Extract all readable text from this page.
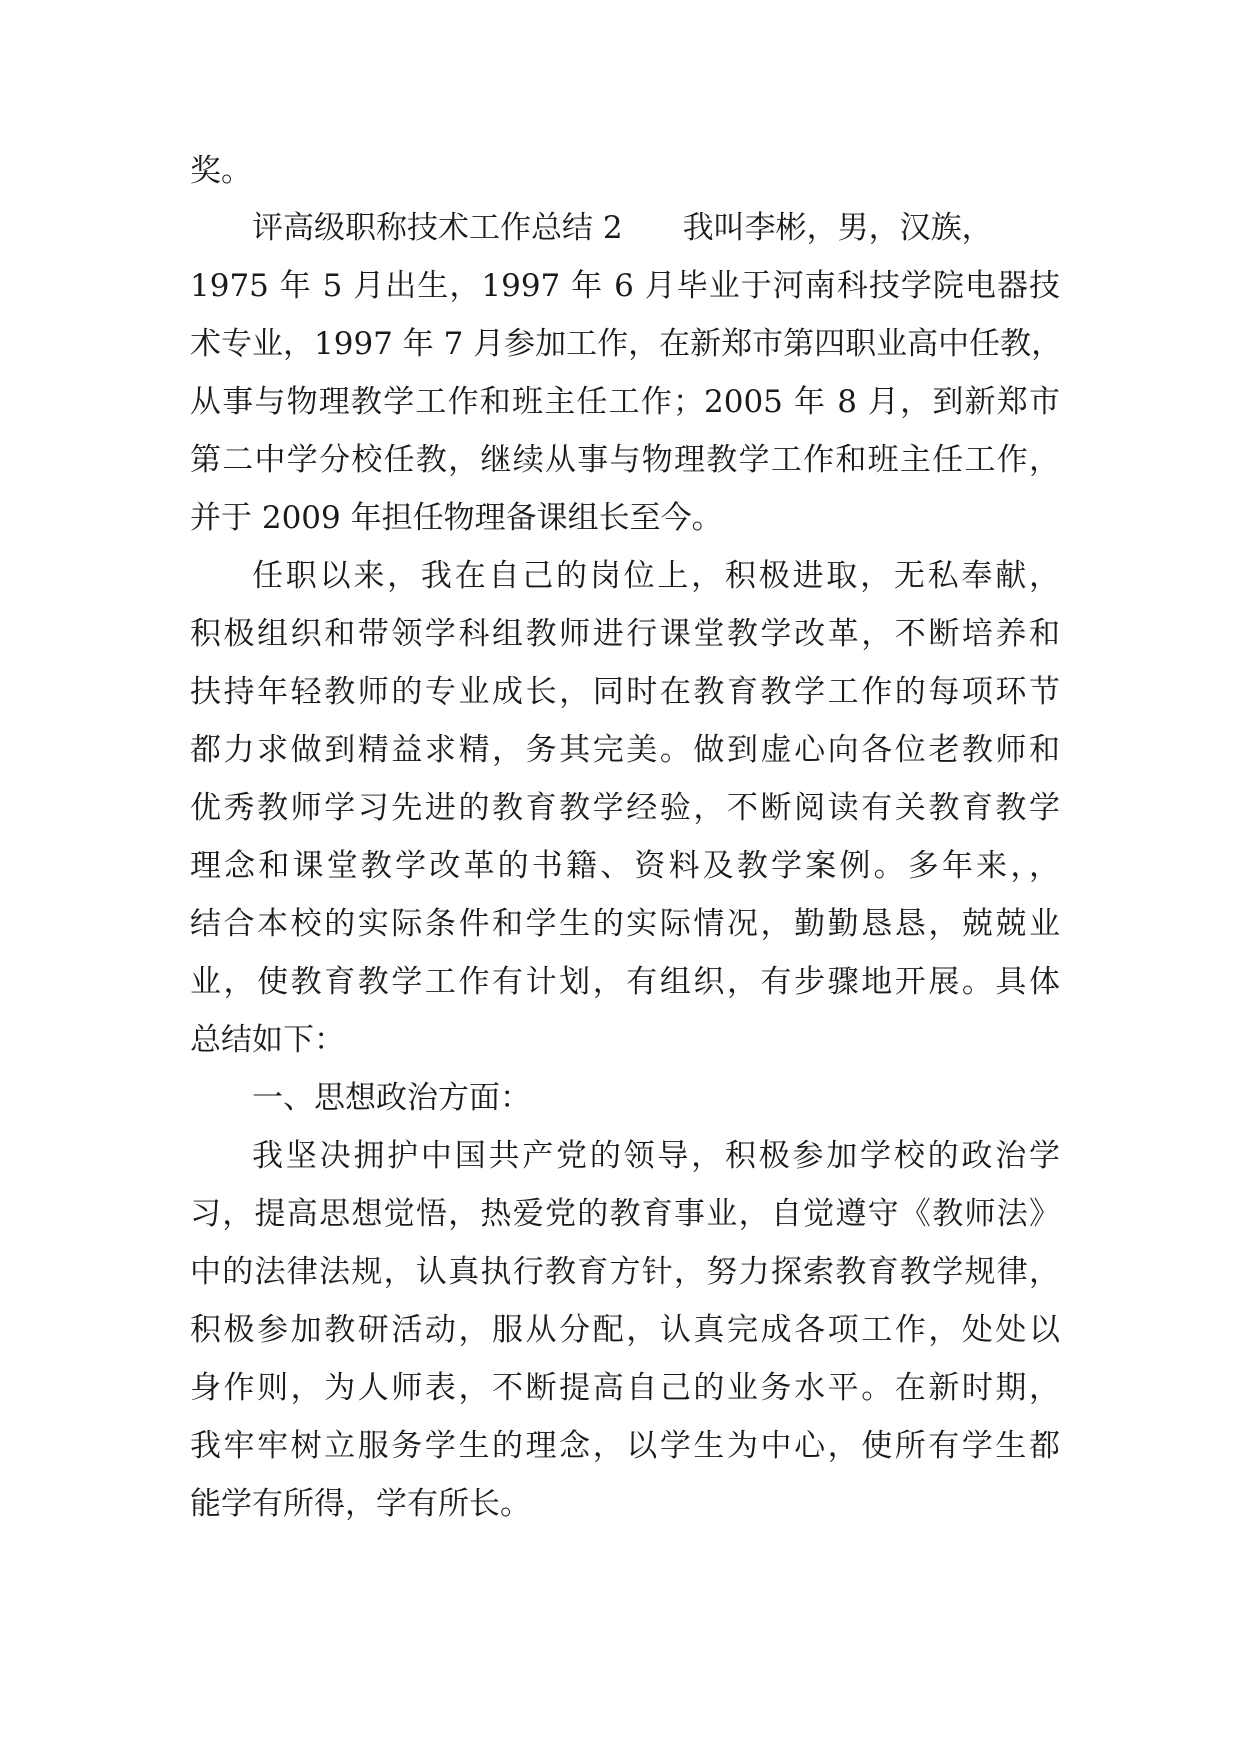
奖。
评高级职称技术工作总结 2 我叫李彬，男，汉族，
1975 年 5 月出生，1997 年 6 月毕业于河南科技学院电器技
术专业，1997 年 7 月参加工作，在新郑市第四职业高中任教，
从事与物理教学工作和班主任工作；2005 年 8 月，到新郑市
第二中学分校任教，继续从事与物理教学工作和班主任工作，
并于 2009 年担任物理备课组长至今。
任职以来，我在自己的岗位上，积极进取，无私奉献，
积极组织和带领学科组教师进行课堂教学改革，不断培养和
扶持年轻教师的专业成长，同时在教育教学工作的每项环节
都力求做到精益求精，务其完美。做到虚心向各位老教师和
优秀教师学习先进的教育教学经验，不断阅读有关教育教学
理念和课堂教学改革的书籍、资料及教学案例。多年来，，
结合本校的实际条件和学生的实际情况，勤勤恳恳，兢兢业
业，使教育教学工作有计划，有组织，有步骤地开展。具体
总结如下：
一、思想政治方面：
我坚决拥护中国共产党的领导，积极参加学校的政治学
习，提高思想觉悟，热爱党的教育事业，自觉遵守《教师法》
中的法律法规，认真执行教育方针，努力探索教育教学规律，
积极参加教研活动，服从分配，认真完成各项工作，处处以
身作则，为人师表，不断提高自己的业务水平。在新时期，
我牢牢树立服务学生的理念，以学生为中心，使所有学生都
能学有所得，学有所长。
